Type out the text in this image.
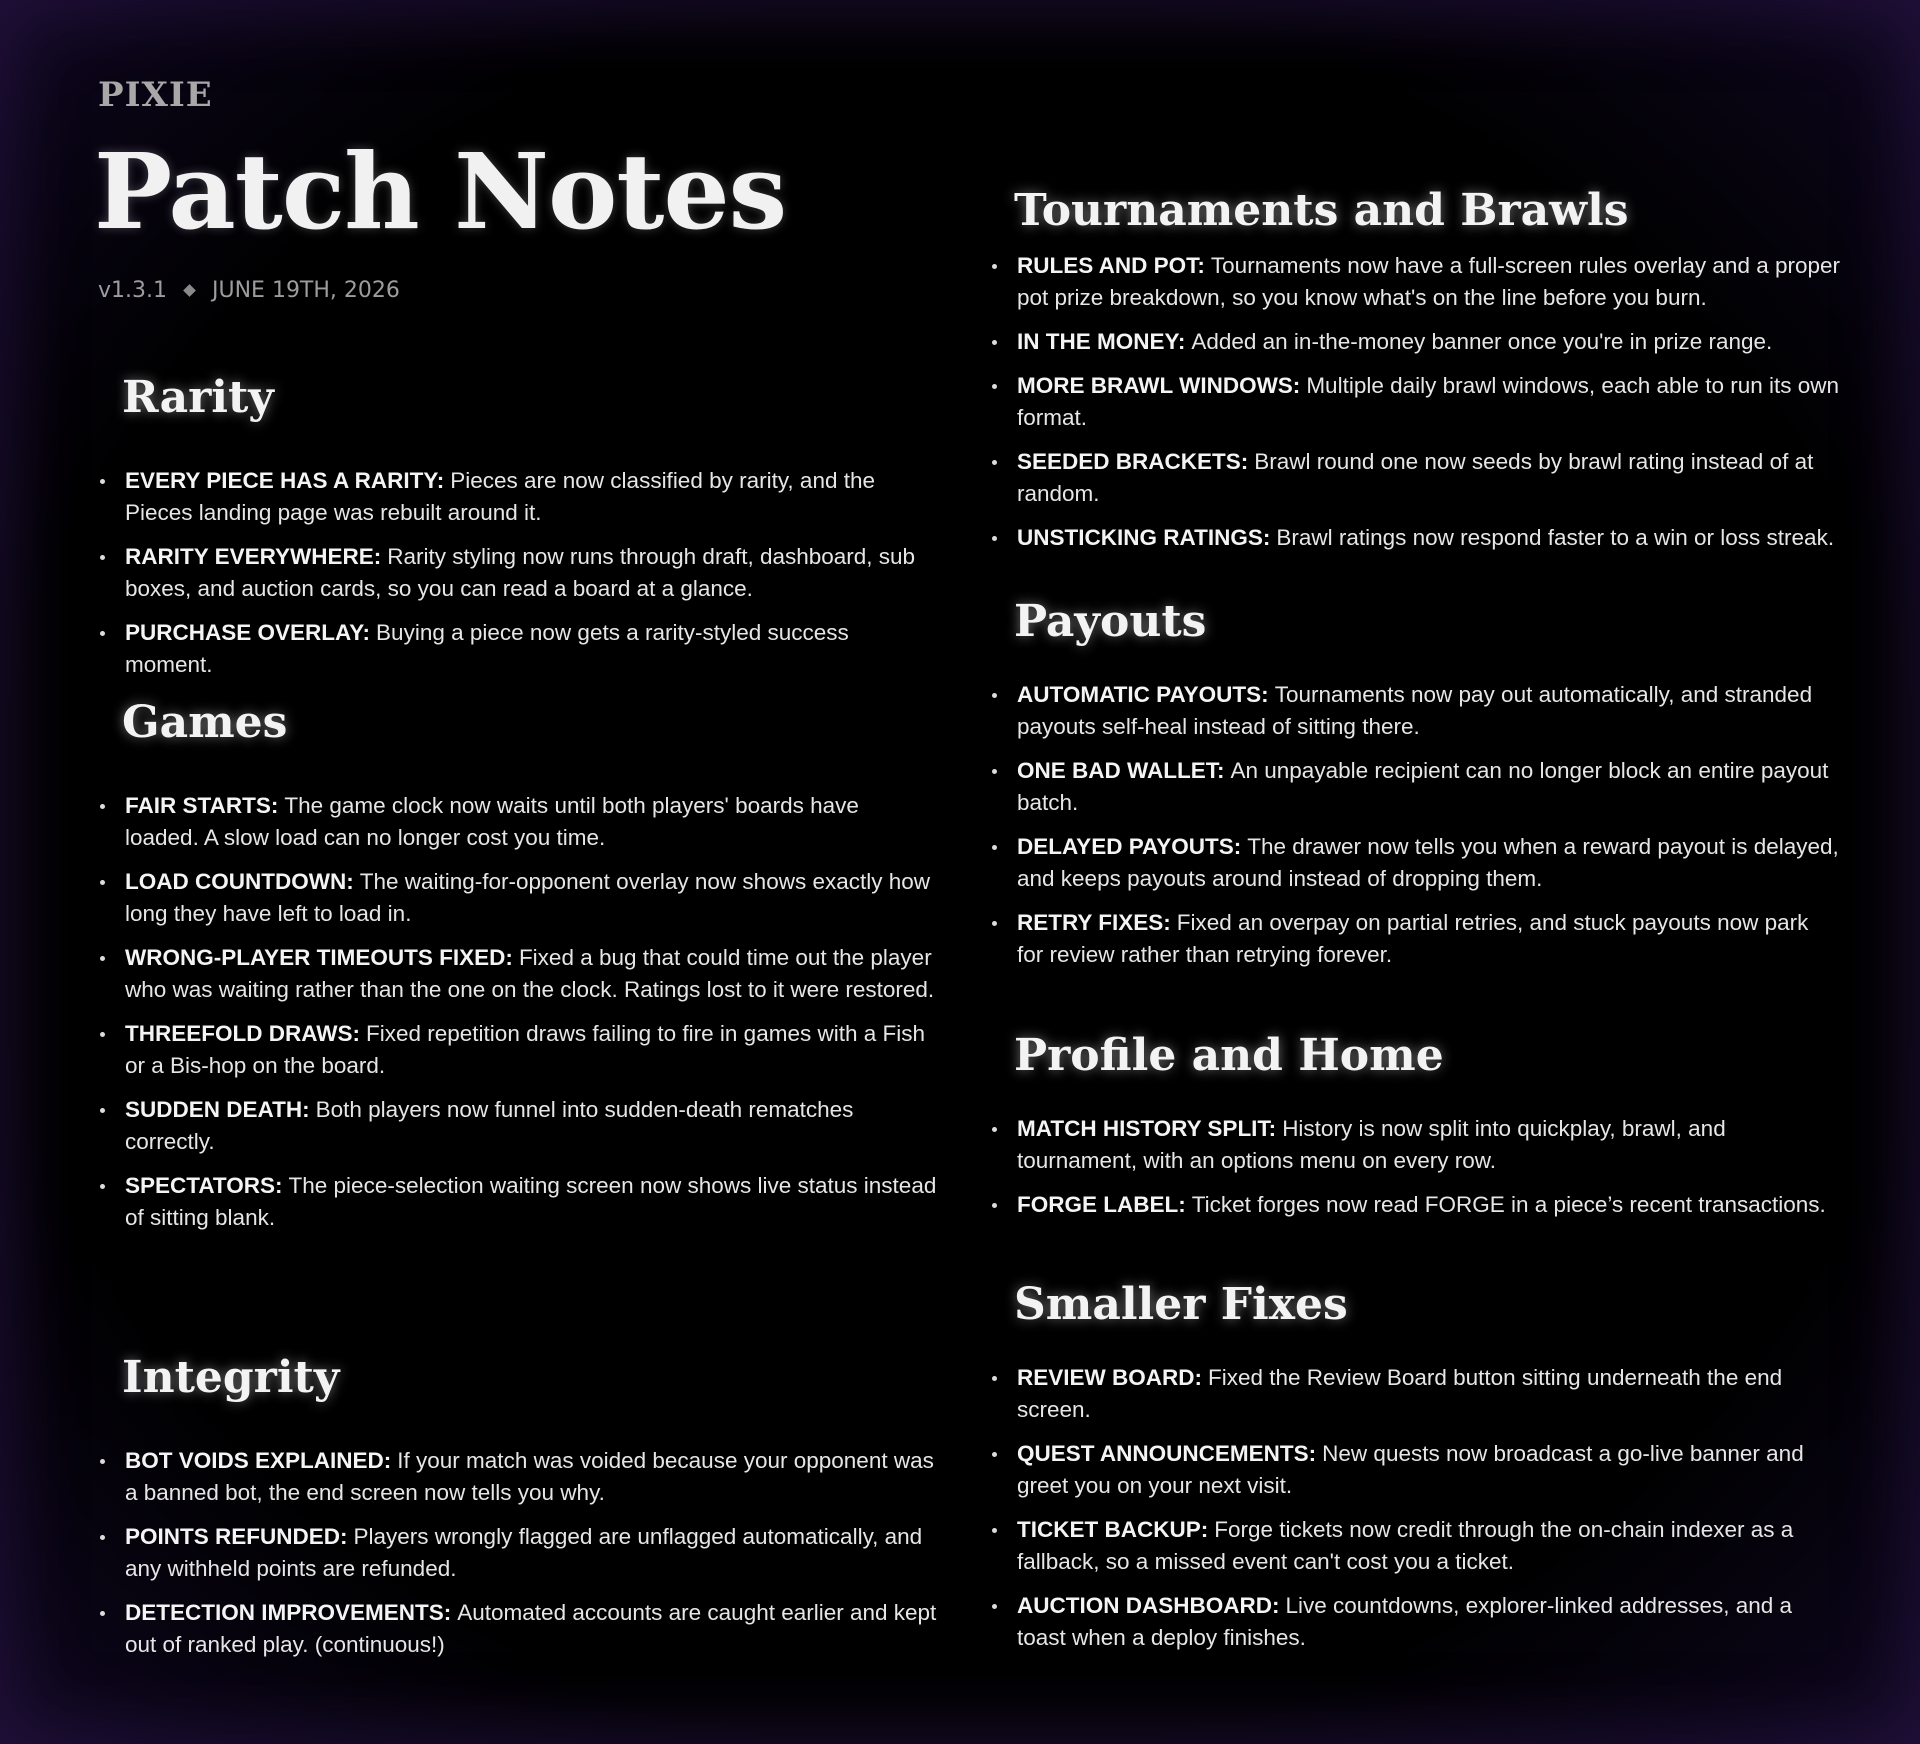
pixie
Patch Notes
v1.3.1 JUNE 19TH, 2026
Rarity
EVERY PIECE HAS A RARITY: Pieces are now classified by rarity, and the Pieces landing page was rebuilt around it.
RARITY EVERYWHERE: Rarity styling now runs through draft, dashboard, sub boxes, and auction cards, so you can read a board at a glance.
PURCHASE OVERLAY: Buying a piece now gets a rarity-styled success moment.
Games
FAIR STARTS: The game clock now waits until both players' boards have loaded. A slow load can no longer cost you time.
LOAD COUNTDOWN: The waiting-for-opponent overlay now shows exactly how long they have left to load in.
WRONG-PLAYER TIMEOUTS FIXED: Fixed a bug that could time out the player who was waiting rather than the one on the clock. Ratings lost to it were restored.
THREEFOLD DRAWS: Fixed repetition draws failing to fire in games with a Fish or a Bis-hop on the board.
SUDDEN DEATH: Both players now funnel into sudden-death rematches correctly.
SPECTATORS: The piece-selection waiting screen now shows live status instead of sitting blank.
Integrity
BOT VOIDS EXPLAINED: If your match was voided because your opponent was a banned bot, the end screen now tells you why.
POINTS REFUNDED: Players wrongly flagged are unflagged automatically, and any withheld points are refunded.
DETECTION IMPROVEMENTS: Automated accounts are caught earlier and kept out of ranked play. (continuous!)
Tournaments and Brawls
RULES AND POT: Tournaments now have a full-screen rules overlay and a proper pot prize breakdown, so you know what's on the line before you burn.
IN THE MONEY: Added an in-the-money banner once you're in prize range.
MORE BRAWL WINDOWS: Multiple daily brawl windows, each able to run its own format.
SEEDED BRACKETS: Brawl round one now seeds by brawl rating instead of at random.
UNSTICKING RATINGS: Brawl ratings now respond faster to a win or loss streak.
Payouts
AUTOMATIC PAYOUTS: Tournaments now pay out automatically, and stranded payouts self-heal instead of sitting there.
ONE BAD WALLET: An unpayable recipient can no longer block an entire payout batch.
DELAYED PAYOUTS: The drawer now tells you when a reward payout is delayed, and keeps payouts around instead of dropping them.
RETRY FIXES: Fixed an overpay on partial retries, and stuck payouts now park for review rather than retrying forever.
Profile and Home
MATCH HISTORY SPLIT: History is now split into quickplay, brawl, and tournament, with an options menu on every row.
FORGE LABEL: Ticket forges now read FORGE in a piece’s recent transactions.
Smaller Fixes
REVIEW BOARD: Fixed the Review Board button sitting underneath the end screen.
QUEST ANNOUNCEMENTS: New quests now broadcast a go-live banner and greet you on your next visit.
TICKET BACKUP: Forge tickets now credit through the on-chain indexer as a fallback, so a missed event can't cost you a ticket.
AUCTION DASHBOARD: Live countdowns, explorer-linked addresses, and a toast when a deploy finishes.
